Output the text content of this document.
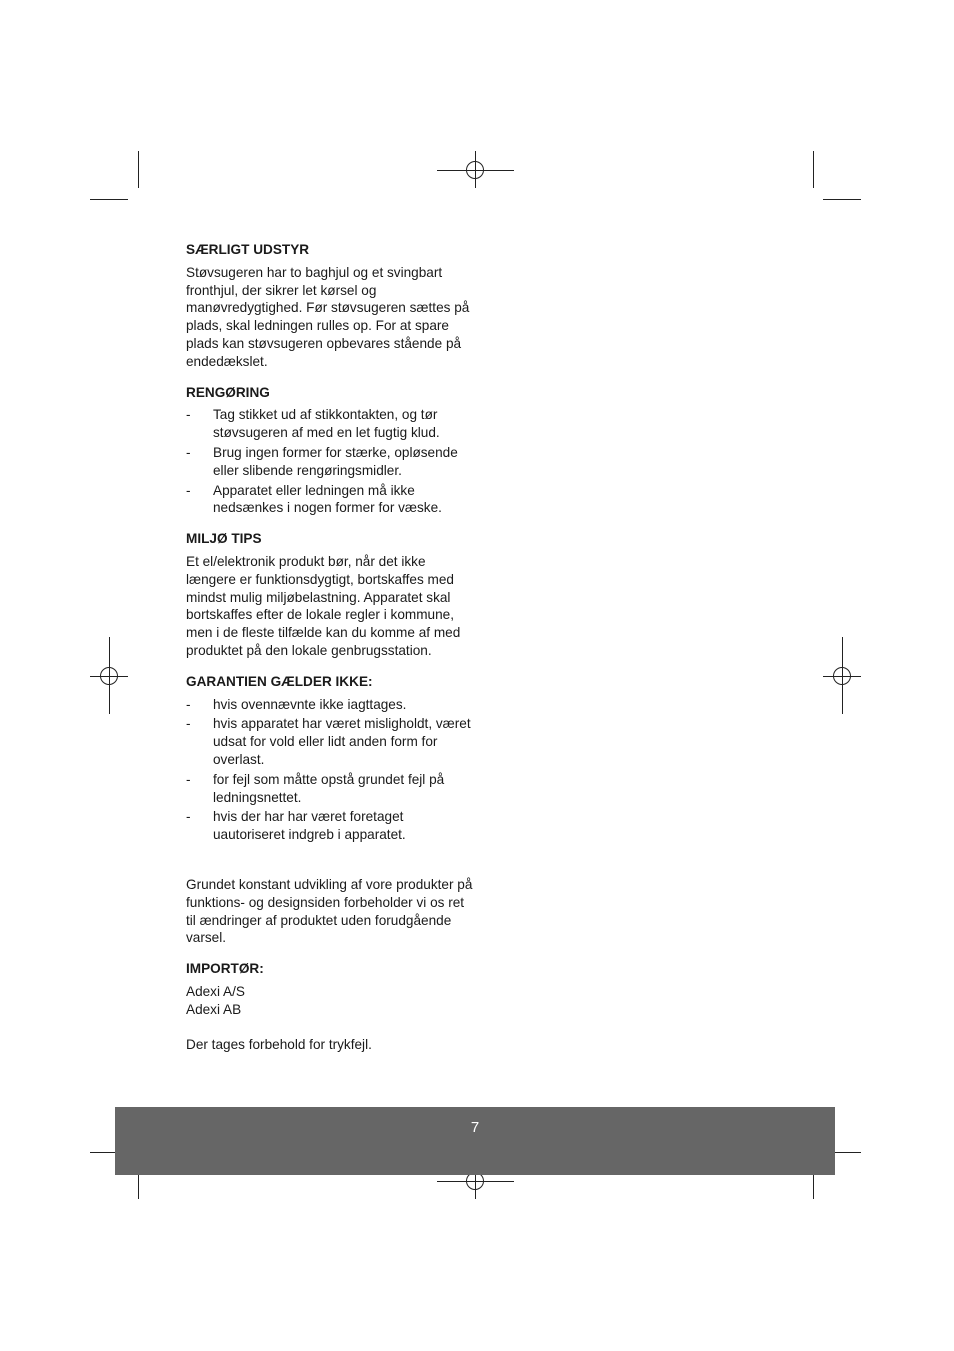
SÆRLIGT UDSTYR

Støvsugeren har to baghjul og et svingbart fronthjul, der sikrer let kørsel og manøvredygtighed. Før støvsugeren sættes på plads, skal ledningen rulles op. For at spare plads kan støvsugeren opbevares stående på endedækslet.

RENGØRING
- Tag stikket ud af stikkontakten, og tør støvsugeren af med en let fugtig klud.
- Brug ingen former for stærke, opløsende eller slibende rengøringsmidler.
- Apparatet eller ledningen må ikke nedsænkes i nogen former for væske.
MILJØ TIPS

Et el/elektronik produkt bør, når det ikke længere er funktionsdygtigt, bortskaffes med mindst mulig miljøbelastning. Apparatet skal bortskaffes efter de lokale regler i kommune, men i de fleste tilfælde kan du komme af med produktet på den lokale genbrugsstation.

GARANTIEN GÆLDER IKKE:
- hvis ovennævnte ikke iagttages.
- hvis apparatet har været misligholdt, været udsat for vold eller lidt anden form for overlast.
- for fejl som måtte opstå grundet fejl på ledningsnettet.
- hvis der har har været foretaget uautoriseret indgreb i apparatet.

Grundet konstant udvikling af vore produkter på funktions- og designsiden forbeholder vi os ret til ændringer af produktet uden forudgående varsel.

IMPORTØR:
Adexi A/S
Adexi AB
Der tages forbehold for trykfejl.
7
